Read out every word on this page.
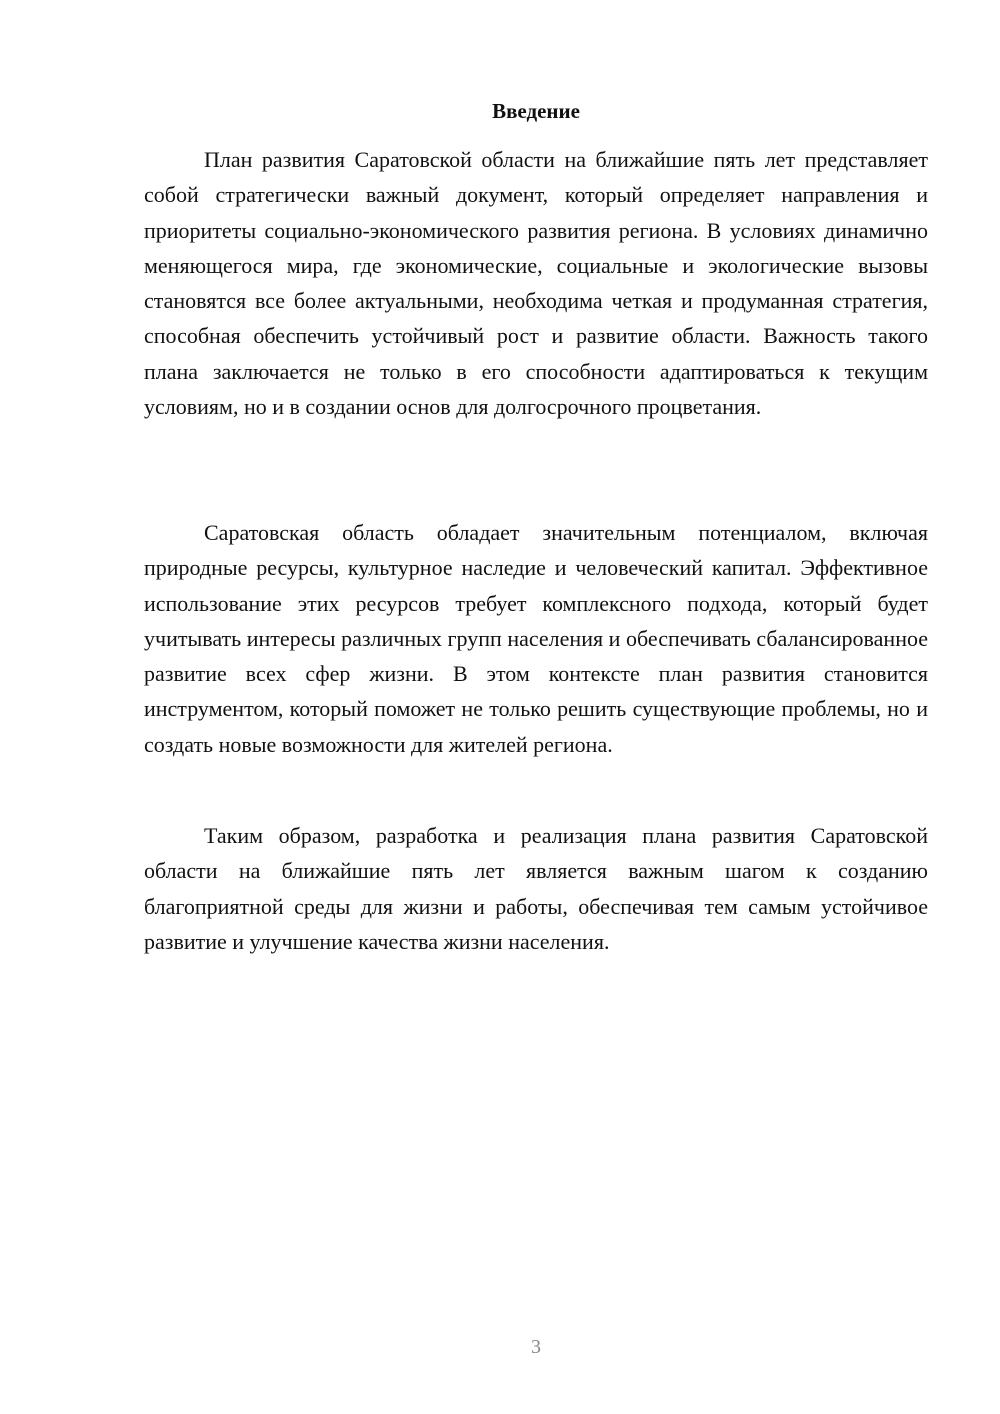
Введение

План развития Саратовской области на ближайшие пять лет представляет собой стратегически важный документ, который определяет направления и приоритеты социально-экономического развития региона. В условиях динамично меняющегося мира, где экономические, социальные и экологические вызовы становятся все более актуальными, необходима четкая и продуманная стратегия, способная обеспечить устойчивый рост и развитие области. Важность такого плана заключается не только в его способности адаптироваться к текущим условиям, но и в создании основ для долгосрочного процветания.

Саратовская область обладает значительным потенциалом, включая природные ресурсы, культурное наследие и человеческий капитал. Эффективное использование этих ресурсов требует комплексного подхода, который будет учитывать интересы различных групп населения и обеспечивать сбалансированное развитие всех сфер жизни. В этом контексте план развития становится инструментом, который поможет не только решить существующие проблемы, но и создать новые возможности для жителей региона.

Таким образом, разработка и реализация плана развития Саратовской области на ближайшие пять лет является важным шагом к созданию благоприятной среды для жизни и работы, обеспечивая тем самым устойчивое развитие и улучшение качества жизни населения.

3
